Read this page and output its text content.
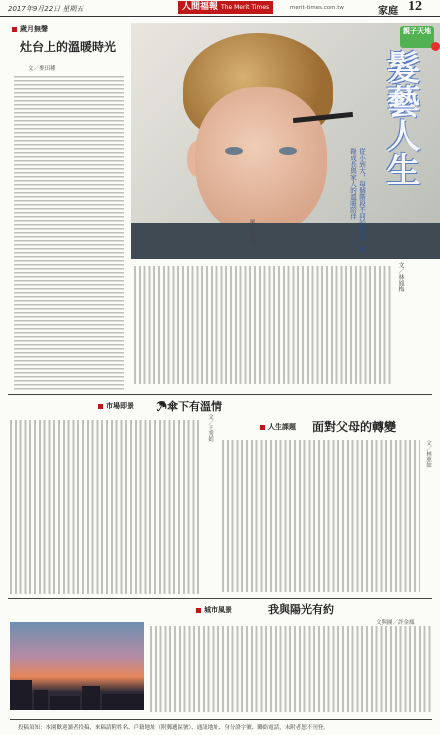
2017年9月22日 星期五	人間福報 The Merit Times	merit-times.com.tw	家庭 12
歲月無聲
灶台上的溫暖時光
文／麥田種
圖／123RF
親子天地
髮藝人生
從小到大，每個階段不同的髮型，記錄成長與家人的溫暖陪伴
文／林鳳梅
市場即景 ☂傘下有溫情
文／王秀娟	人生課題 面對父母的轉變
文／林蕙如
城市風景	我與陽光有約
文與圖／許金鳳
投稿須知：本園歡迎讀者投稿，來稿請附姓名、戶籍地址（附郵遞區號）、通訊地址、身分證字號、聯絡電話，未附者恕不刊登。
